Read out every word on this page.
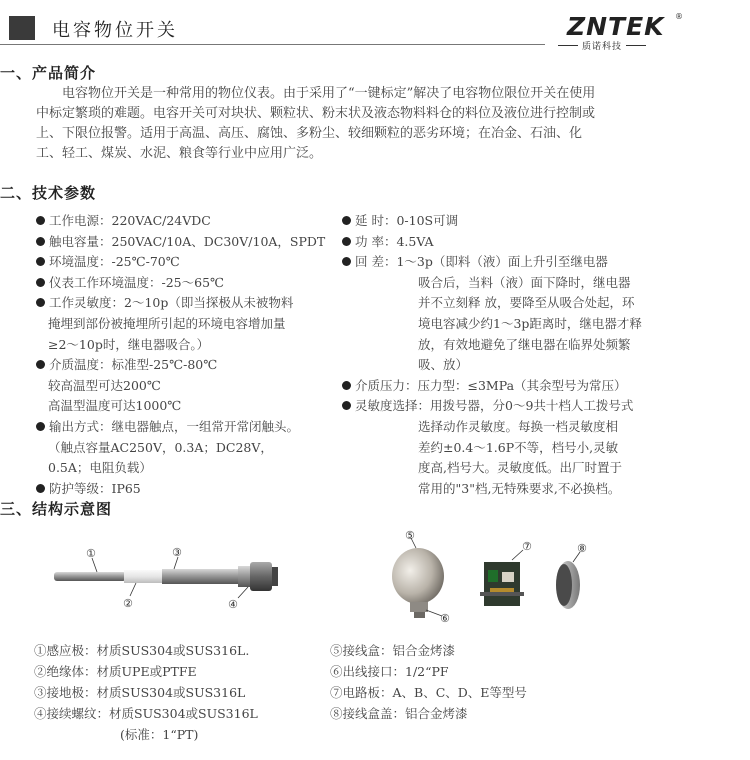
电容物位开关	ZNTEK ®
质诺科技
一、产品简介
电容物位开关是一种常用的物位仪表。由于采用了“一键标定”解决了电容物位限位开关在使用
中标定繁琐的难题。电容开关可对块状、颗粒状、粉末状及液态物料料仓的料位及液位进行控制或
上、下限位报警。适用于高温、高压、腐蚀、多粉尘、较细颗粒的恶劣环境；在冶金、石油、化
工、轻工、煤炭、水泥、粮食等行业中应用广泛。
二、技术参数
工作电源：220VAC/24VDC
触电容量：250VAC/10A、DC30V/10A，SPDT
环境温度：-25℃-70℃
仪表工作环境温度：-25～65℃
工作灵敏度：2～10p（即当探极从未被物料
掩埋到部份被掩埋所引起的环境电容增加量
≥2～10p时，继电器吸合。）
介质温度：标准型-25℃-80℃
较高温型可达200℃
高温型温度可达1000℃
输出方式：继电器触点，一组常开常闭触头。
（触点容量AC250V，0.3A；DC28V，
0.5A；电阻负载）
防护等级：IP65
延 时：0-10S可调
功 率：4.5VA
回 差：1～3p（即料（液）面上升引至继电器
吸合后，当料（液）面下降时，继电器
并不立刻释 放，要降至从吸合处起，环
境电容减少约1～3p距离时，继电器才释
放，有效地避免了继电器在临界处频繁
吸、放）
介质压力：压力型：≤3MPa（其余型号为常压）
灵敏度选择：用拨号器，分0～9共十档人工拨号式
选择动作灵敏度。每换一档灵敏度相
差约±0.4～1.6P不等，档号小,灵敏
度高,档号大。灵敏度低。出厂时置于
常用的"3"档,无特殊要求,不必换档。
三、结构示意图
①
②
③
④
⑤
⑥
⑦	⑧
①感应极：材质SUS304或SUS316L.
②绝缘体：材质UPE或PTFE
③接地极：材质SUS304或SUS316L
④接续螺纹：材质SUS304或SUS316L
(标准：1“PT)
⑤接线盒：铝合金烤漆
⑥出线接口：1/2“PF
⑦电路板：A、B、C、D、E等型号
⑧接线盒盖：铝合金烤漆
